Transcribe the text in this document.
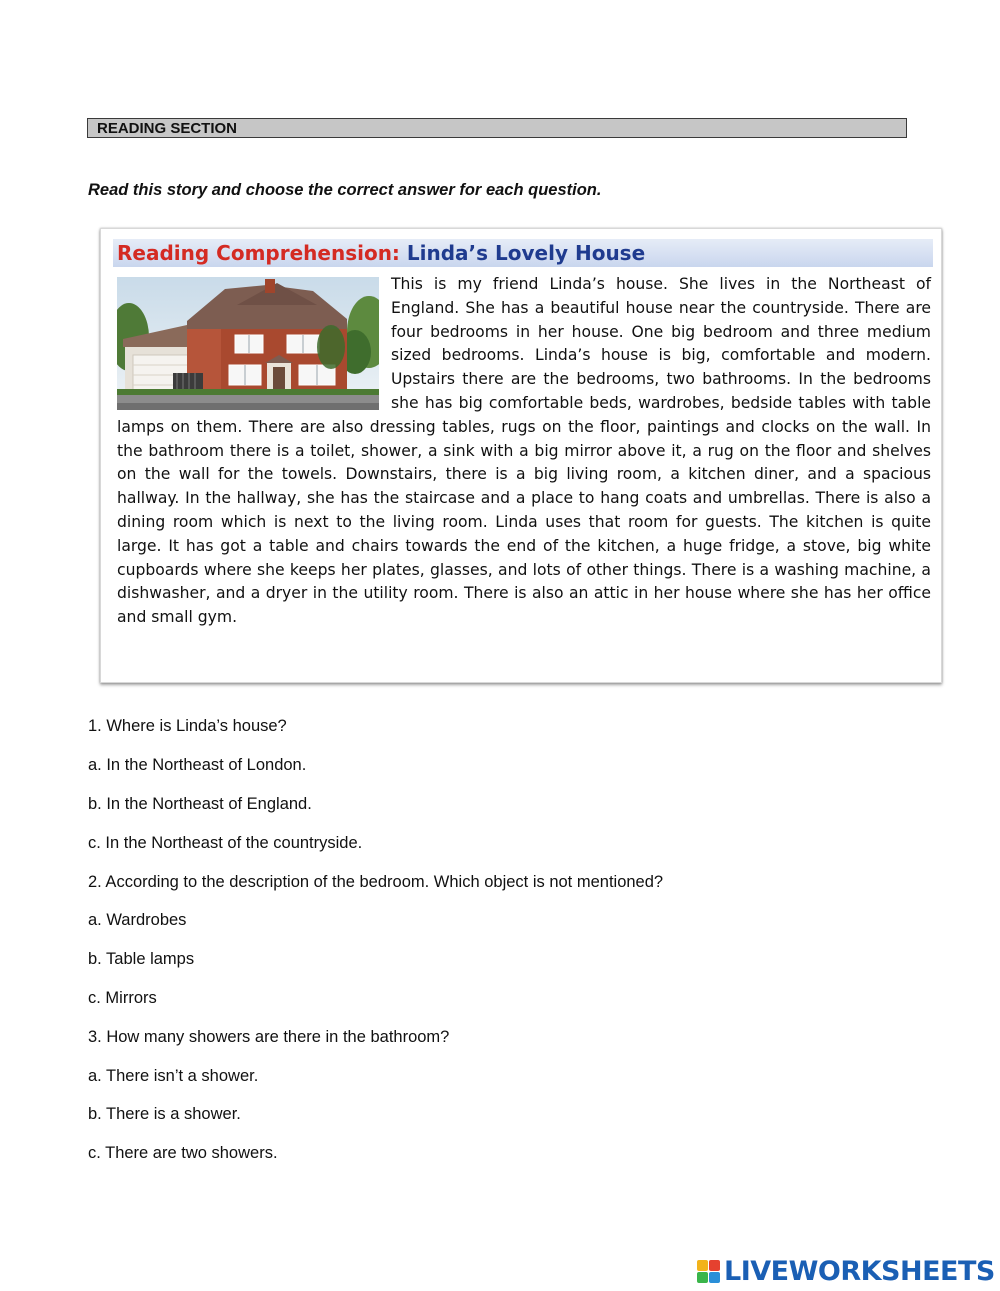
READING SECTION
Read this story and choose the correct answer for each question.
Reading Comprehension: Linda’s Lovely House

This is my friend Linda’s house. She lives in the Northeast of England. She has a beautiful house near the countryside. There are four bedrooms in her house. One big bedroom and three medium sized bedrooms. Linda’s house is big, comfortable and modern. Upstairs there are the bedrooms, two bathrooms. In the bedrooms she has big comfortable beds, wardrobes, bedside tables with table lamps on them. There are also dressing tables, rugs on the floor, paintings and clocks on the wall. In the bathroom there is a toilet, shower, a sink with a big mirror above it, a rug on the floor and shelves on the wall for the towels. Downstairs, there is a big living room, a kitchen diner, and a spacious hallway. In the hallway, she has the staircase and a place to hang coats and umbrellas. There is also a dining room which is next to the living room. Linda uses that room for guests. The kitchen is quite large. It has got a table and chairs towards the end of the kitchen, a huge fridge, a stove, big white cupboards where she keeps her plates, glasses, and lots of other things. There is a washing machine, a dishwasher, and a dryer in the utility room. There is also an attic in her house where she has her office and small gym.

1. Where is Linda’s house?
a. In the Northeast of London.
b. In the Northeast of England.
c. In the Northeast of the countryside.
2. According to the description of the bedroom. Which object is not mentioned?
a. Wardrobes
b. Table lamps
c. Mirrors
3. How many showers are there in the bathroom?
a. There isn’t a shower.
b. There is a shower.
c. There are two showers.
LIVEWORKSHEETS
